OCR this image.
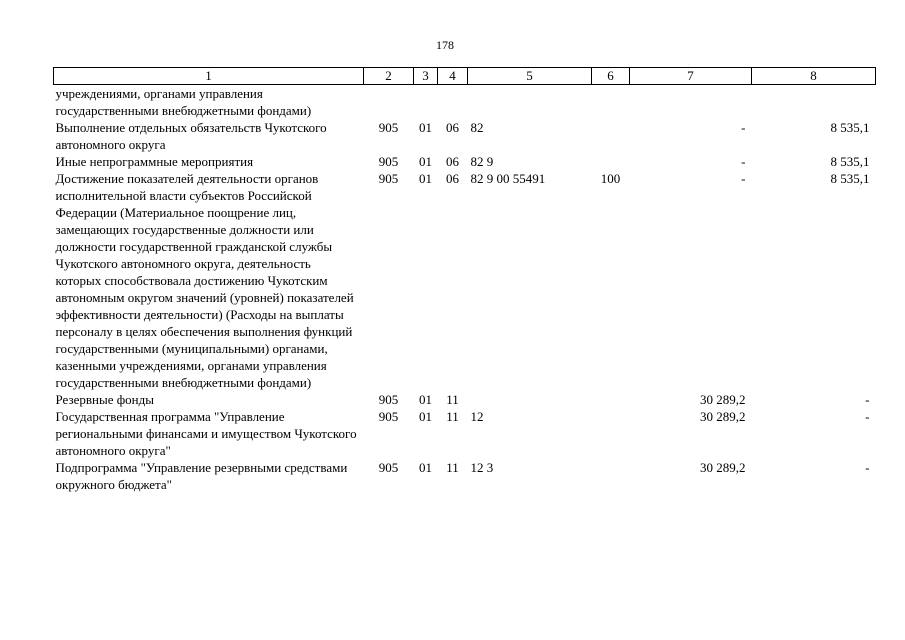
178
1	2	3	4	5	6	7	8
учреждениями, органами управления государственными внебюджетными фондами)							
Выполнение отдельных обязательств Чукотского автономного округа	905	01	06	82		-	8 535,1
Иные непрограммные мероприятия	905	01	06	82 9		-	8 535,1
Достижение показателей деятельности органов исполнительной власти субъектов Российской Федерации (Материальное поощрение лиц, замещающих государственные должности или должности государственной гражданской службы Чукотского автономного округа, деятельность которых способствовала достижению Чукотским автономным округом значений (уровней) показателей эффективности деятельности) (Расходы на выплаты персоналу в целях обеспечения выполнения функций государственными (муниципальными) органами, казенными учреждениями, органами управления государственными внебюджетными фондами)	905	01	06	82 9 00 55491	100	-	8 535,1
Резервные фонды	905	01	11			30 289,2	-
Государственная программа "Управление региональными финансами и имуществом Чукотского автономного округа"	905	01	11	12		30 289,2	-
Подпрограмма "Управление резервными средствами окружного бюджета"	905	01	11	12 3		30 289,2	-
